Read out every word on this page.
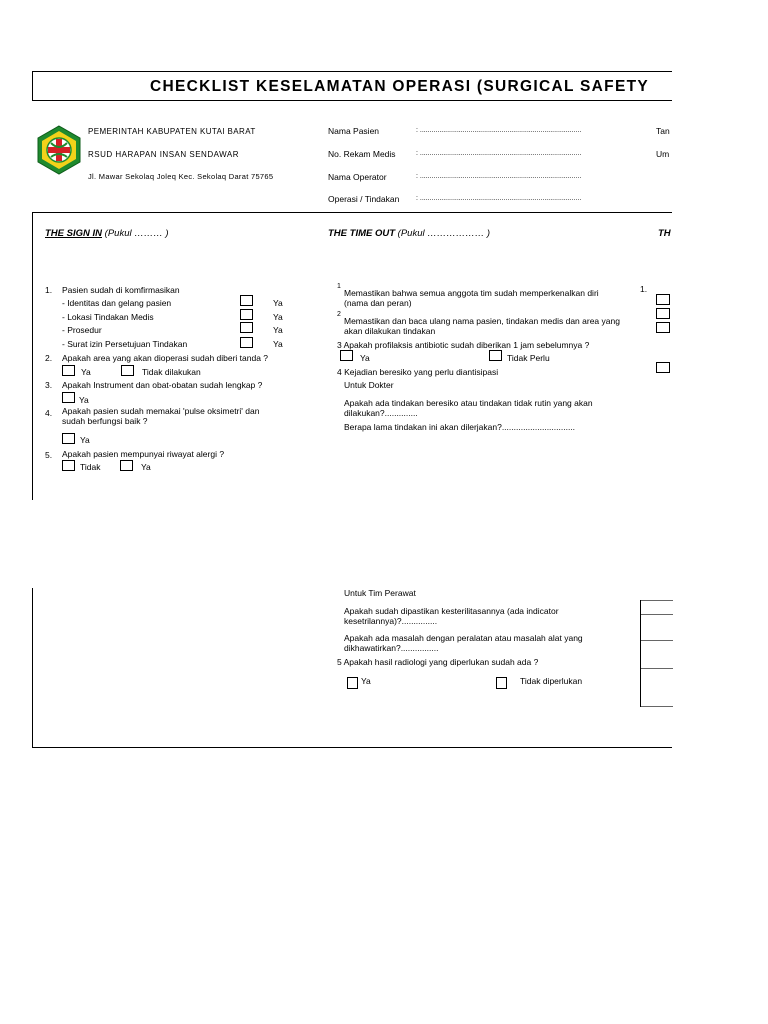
CHECKLIST KESELAMATAN OPERASI (SURGICAL SAFETY
PEMERINTAH KABUPATEN KUTAI BARAT
RSUD HARAPAN INSAN SENDAWAR
Jl. Mawar Sekolaq Joleq Kec. Sekolaq Darat 75765
Nama Pasien	: ...................................................................................
No. Rekam Medis	: ...................................................................................
Nama Operator	: ...................................................................................
Operasi / Tindakan : ...................................................................................
Tan
Um
THE SIGN IN (Pukul ……… )	THE TIME OUT (Pukul ……………… )	TH
1. Pasien sudah di komfirmasikan
- Identitas dan gelang pasien	Ya
- Lokasi Tindakan Medis	Ya
- Prosedur	Ya
- Surat izin Persetujuan Tindakan	Ya
2. Apakah area yang akan dioperasi sudah diberi tanda ?
Ya	Tidak dilakukan
3. Apakah Instrument dan obat-obatan sudah lengkap ?
Ya
4. Apakah pasien sudah memakai 'pulse oksimetri' dan sudah berfungsi baik ?
Ya
5. Apakah pasien mempunyai riwayat alergi ?
Tidak	Ya
1
Memastikan bahwa semua anggota tim sudah memperkenalkan diri (nama dan peran)
2
Memastikan dan baca ulang nama pasien, tindakan medis dan area yang akan dilakukan tindakan
3 Apakah profilaksis antibiotic sudah diberikan 1 jam sebelumnya ?
Ya	Tidak Perlu
4 Kejadian beresiko yang perlu diantisipasi
Untuk Dokter
Apakah ada tindakan beresiko atau tindakan tidak rutin yang akan dilakukan?..............
Berapa lama tindakan ini akan dilerjakan?...............................
Untuk Tim Perawat
Apakah sudah dipastikan kesterilitasannya (ada indicator kesetrilannya)?...............
Apakah ada masalah dengan peralatan atau masalah alat yang dikhawatirkan?................
5 Apakah hasil radiologi yang diperlukan sudah ada ?
Ya	Tidak diperlukan
1.
